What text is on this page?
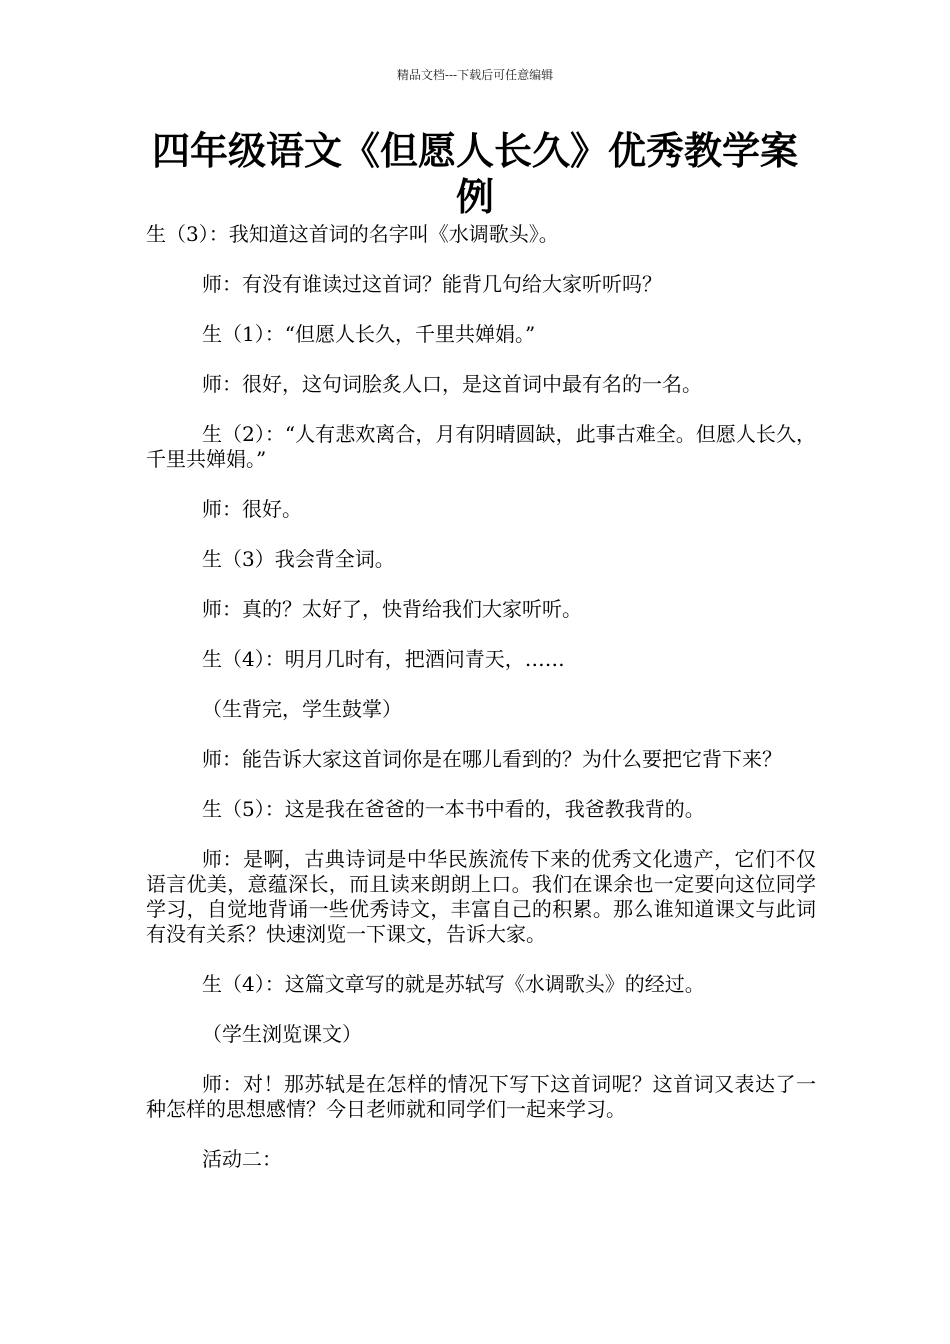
精品文档---下载后可任意编辑
四年级语文《但愿人长久》优秀教学案例

生（3）：我知道这首词的名字叫《水调歌头》。

师：有没有谁读过这首词？能背几句给大家听听吗？

生（1）：“但愿人长久，千里共婵娟。”

师：很好，这句词脍炙人口，是这首词中最有名的一名。

生（2）：“人有悲欢离合，月有阴晴圆缺，此事古难全。但愿人长久，千里共婵娟。”

师：很好。

生（3）我会背全词。

师：真的？太好了，快背给我们大家听听。

生（4）：明月几时有，把酒问青天，……

（生背完，学生鼓掌）

师：能告诉大家这首词你是在哪儿看到的？为什么要把它背下来？

生（5）：这是我在爸爸的一本书中看的，我爸教我背的。

师：是啊，古典诗词是中华民族流传下来的优秀文化遗产，它们不仅语言优美，意蕴深长，而且读来朗朗上口。我们在课余也一定要向这位同学学习，自觉地背诵一些优秀诗文，丰富自己的积累。那么谁知道课文与此词有没有关系？快速浏览一下课文，告诉大家。

生（4）：这篇文章写的就是苏轼写《水调歌头》的经过。

（学生浏览课文）

师：对！那苏轼是在怎样的情况下写下这首词呢？这首词又表达了一种怎样的思想感情？今日老师就和同学们一起来学习。

活动二：
